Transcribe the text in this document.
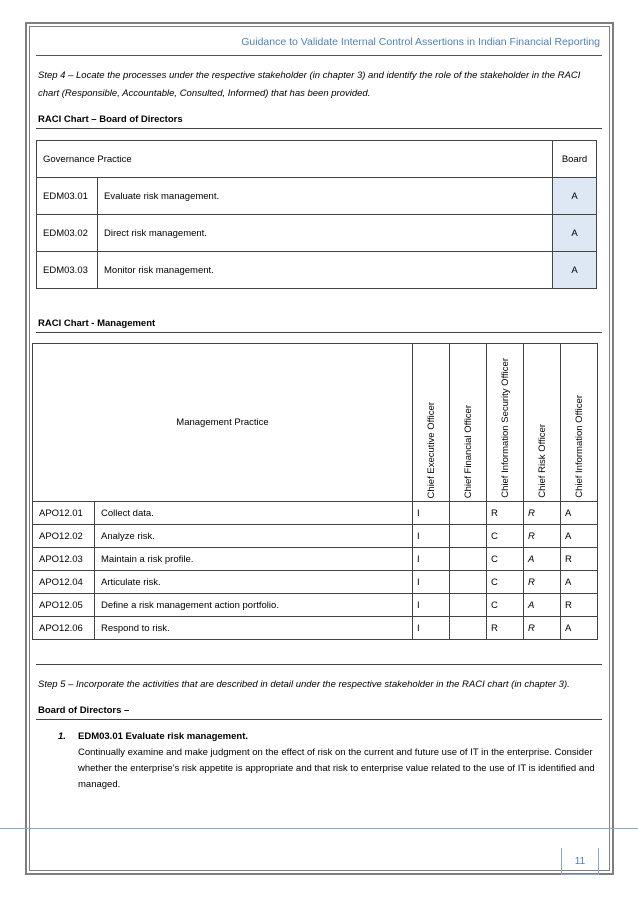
Guidance to Validate Internal Control Assertions in Indian Financial Reporting
Step 4 – Locate the processes under the respective stakeholder (in chapter 3) and identify the role of the stakeholder in the RACI chart (Responsible, Accountable, Consulted, Informed) that has been provided.
RACI Chart – Board of Directors
Governance Practice		Board
EDM03.01	Evaluate risk management.	A
EDM03.02	Direct risk management.	A
EDM03.03	Monitor risk management.	A
RACI Chart - Management
Management Practice		Chief Executive Officer	Chief Financial Officer	Chief Information Security Officer	Chief Risk Officer	Chief Information Officer
APO12.01	Collect data.	I		R	R	A
APO12.02	Analyze risk.	I		C	R	A
APO12.03	Maintain a risk profile.	I		C	A	R
APO12.04	Articulate risk.	I		C	R	A
APO12.05	Define a risk management action portfolio.	I		C	A	R
APO12.06	Respond to risk.	I		R	R	A
Step 5 – Incorporate the activities that are described in detail under the respective stakeholder in the RACI chart (in chapter 3).
Board of Directors –
1. EDM03.01 Evaluate risk management.
Continually examine and make judgment on the effect of risk on the current and future use of IT in the enterprise. Consider whether the enterprise’s risk appetite is appropriate and that risk to enterprise value related to the use of IT is identified and managed.
11
